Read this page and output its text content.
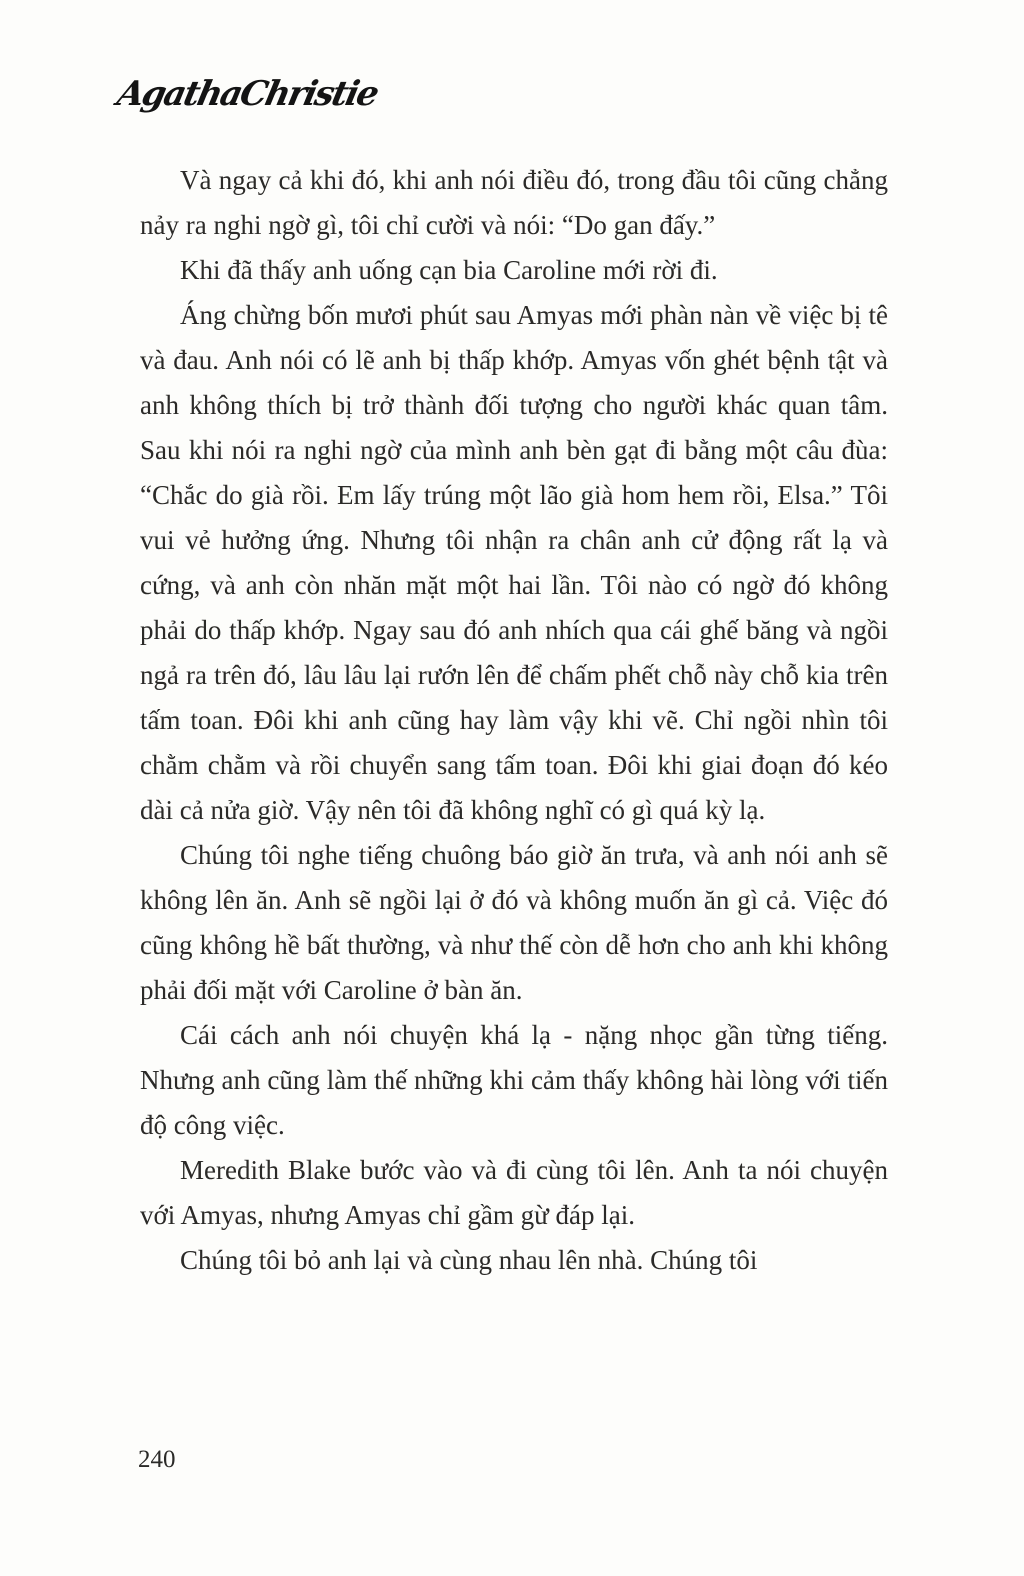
AgathaChristie

Và ngay cả khi đó, khi anh nói điều đó, trong đầu tôi cũng chẳng nảy ra nghi ngờ gì, tôi chỉ cười và nói: “Do gan đấy.”

Khi đã thấy anh uống cạn bia Caroline mới rời đi.

Áng chừng bốn mươi phút sau Amyas mới phàn nàn về việc bị tê và đau. Anh nói có lẽ anh bị thấp khớp. Amyas vốn ghét bệnh tật và anh không thích bị trở thành đối tượng cho người khác quan tâm. Sau khi nói ra nghi ngờ của mình anh bèn gạt đi bằng một câu đùa: “Chắc do già rồi. Em lấy trúng một lão già hom hem rồi, Elsa.” Tôi vui vẻ hưởng ứng. Nhưng tôi nhận ra chân anh cử động rất lạ và cứng, và anh còn nhăn mặt một hai lần. Tôi nào có ngờ đó không phải do thấp khớp. Ngay sau đó anh nhích qua cái ghế băng và ngồi ngả ra trên đó, lâu lâu lại rướn lên để chấm phết chỗ này chỗ kia trên tấm toan. Đôi khi anh cũng hay làm vậy khi vẽ. Chỉ ngồi nhìn tôi chằm chằm và rồi chuyển sang tấm toan. Đôi khi giai đoạn đó kéo dài cả nửa giờ. Vậy nên tôi đã không nghĩ có gì quá kỳ lạ.

Chúng tôi nghe tiếng chuông báo giờ ăn trưa, và anh nói anh sẽ không lên ăn. Anh sẽ ngồi lại ở đó và không muốn ăn gì cả. Việc đó cũng không hề bất thường, và như thế còn dễ hơn cho anh khi không phải đối mặt với Caroline ở bàn ăn.

Cái cách anh nói chuyện khá lạ - nặng nhọc gần từng tiếng. Nhưng anh cũng làm thế những khi cảm thấy không hài lòng với tiến độ công việc.

Meredith Blake bước vào và đi cùng tôi lên. Anh ta nói chuyện với Amyas, nhưng Amyas chỉ gầm gừ đáp lại.

Chúng tôi bỏ anh lại và cùng nhau lên nhà. Chúng tôi

240
